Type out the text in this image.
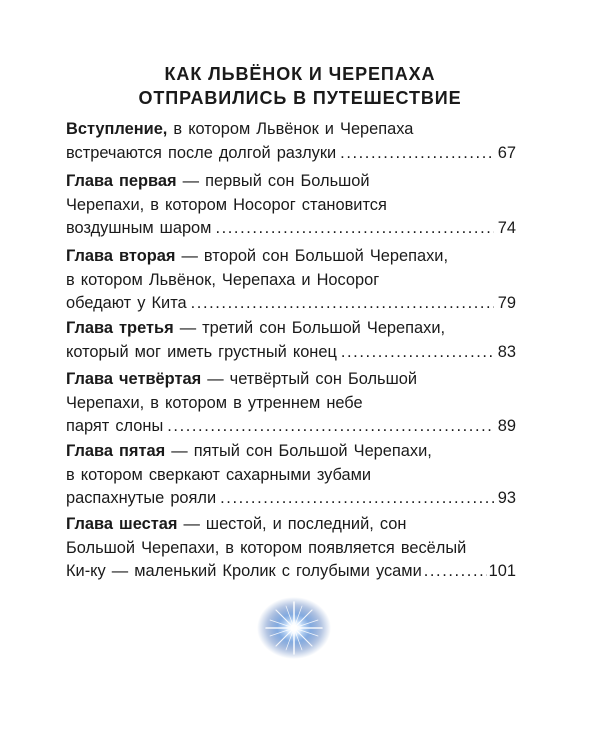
КАК ЛЬВЁНОК И ЧЕРЕПАХА
ОТПРАВИЛИСЬ В ПУТЕШЕСТВИЕ
Вступление, в котором Львёнок и Черепаха
встречаются после долгой разлуки .....	67
Глава первая — первый сон Большой
Черепахи, в котором Носорог становится
воздушным шаром .....	74
Глава вторая — второй сон Большой Черепахи,
в котором Львёнок, Черепаха и Носорог
обедают у Кита .....	79
Глава третья — третий сон Большой Черепахи,
который мог иметь грустный конец .....	83
Глава четвёртая — четвёртый сон Большой
Черепахи, в котором в утреннем небе
парят слоны .....	89
Глава пятая — пятый сон Большой Черепахи,
в котором сверкают сахарными зубами
распахнутые рояли .....	93
Глава шестая — шестой, и последний, сон
Большой Черепахи, в котором появляется весёлый
Ки-ку — маленький Кролик с голубыми усами .....	101
